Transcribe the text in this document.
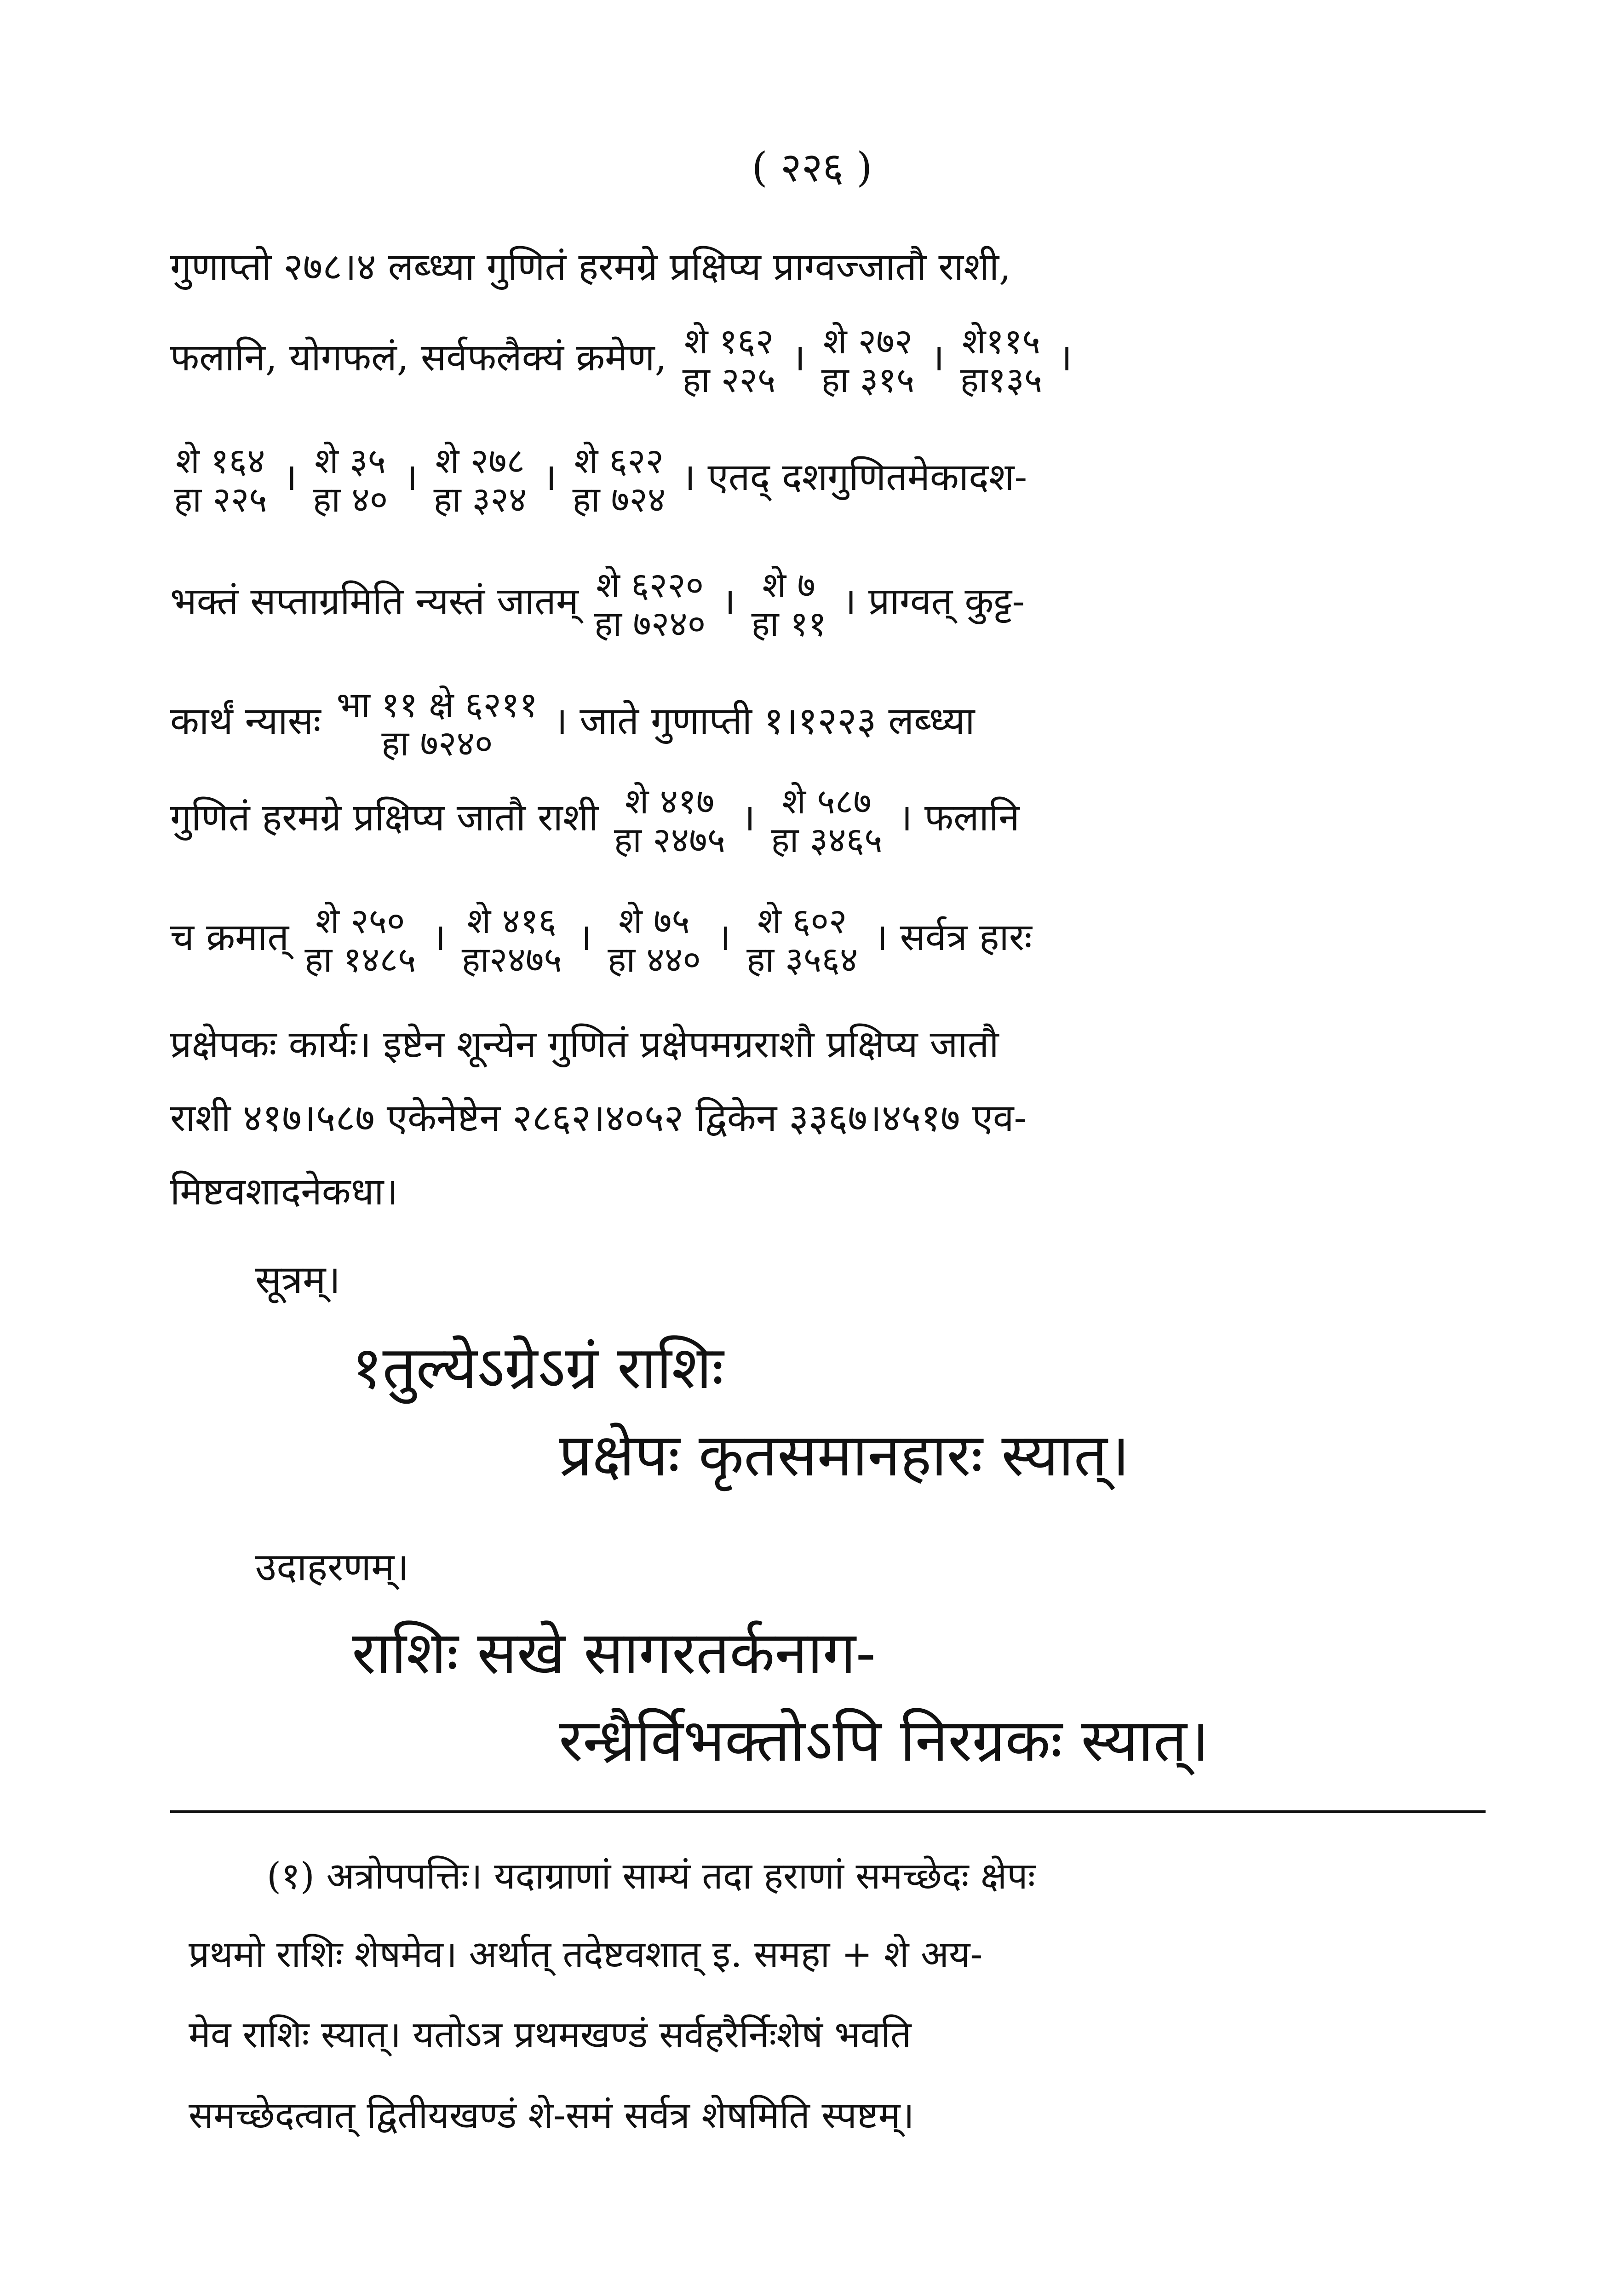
( २२६ )
गुणाप्तो २७८।४ लब्ध्या गुणितं हरमग्रे प्रक्षिप्य प्राग्वज्जातौ राशी,
फलानि, योगफलं, सर्वफलैक्यं क्रमेण, शे १६२
हा २२५ । शे २७२
हा ३१५ । शे११५
हा१३५ ।
शे १६४
हा २२५ । शे ३५
हा ४० । शे २७८
हा ३२४ । शे ६२२
हा ७२४ । एतद् दशगुणितमेकादश-
भक्तं सप्ताग्रमिति न्यस्तं जातम् शे ६२२०
हा ७२४० । शे ७
हा ११ । प्राग्वत् कुट्ट-
कार्थं न्यासः भा ११ क्षे ६२११
हा ७२४०	। जाते गुणाप्ती १।१२२३ लब्ध्या
गुणितं हरमग्रे प्रक्षिप्य जातौ राशी शे ४१७
हा २४७५ । शे ५८७
हा ३४६५ । फलानि
च क्रमात् शे २५०
हा १४८५ । शे ४१६
हा२४७५ । शे ७५
हा ४४० । शे ६०२
हा ३५६४ । सर्वत्र हारः
प्रक्षेपकः कार्यः। इष्टेन शून्येन गुणितं प्रक्षेपमग्रराशौ प्रक्षिप्य जातौ
राशी ४१७।५८७ एकेनेष्टेन २८६२।४०५२ द्विकेन ३३६७।४५१७ एव-
मिष्टवशादनेकधा।
सूत्रम्।
१तुल्येऽग्रेऽग्रं राशिः
प्रक्षेपः कृतसमानहारः स्यात्।
उदाहरणम्।
राशिः सखे सागरतर्कनाग-
रन्ध्रैर्विभक्तोऽपि निरग्रकः स्यात्।
(१) अत्रोपपत्तिः। यदाग्राणां साम्यं तदा हराणां समच्छेदः क्षेपः
प्रथमो राशिः शेषमेव। अर्थात् तदेष्टवशात् इ. समहा + शे अय-
मेव राशिः स्यात्। यतोऽत्र प्रथमखण्डं सर्वहरैर्निःशेषं भवति
समच्छेदत्वात् द्वितीयखण्डं शे-समं सर्वत्र शेषमिति स्पष्टम्।
